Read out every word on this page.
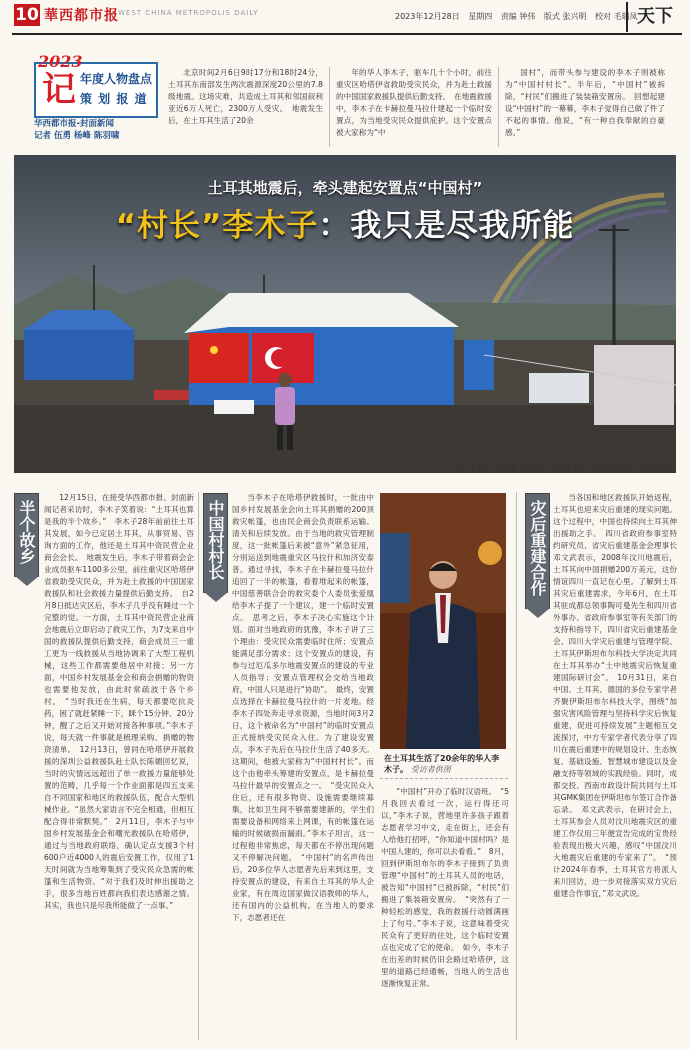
10 華西都市报 WEST CHINA METROPOLIS DAILY	2023年12月28日 星期四 责编 钟伟 版式 张兴明 校对 毛瑞凤 天下
2023
记 年度人物盘点
策 划 报 道
华西都市报-封面新闻
记者 伍勇 杨峰 陈羽啸
北京时间2月6日9时17分和18时24分，土耳其东南部发生两次震源深度20公里的7.8级地震。这场灾难，共造成土耳其和邻国叙利亚近6万人死亡，2300万人受灾。　地震发生后，在土耳其生活了20余
年的华人李木子，驱车几十个小时，前往重灾区哈塔伊省救助受灾民众，并为赴土救援的中国国家救援队提供后勤支持。　在地震救援中，李木子在卡赫拉曼马拉什建起一个临时安置点，为当地受灾民众提供庇护。这个安置点被大家称为“中
国村”，而带头参与建设的李木子则被称为“中国村村长”。半年后，“中国村”被拆除，“村民”们搬进了装装箱安置房。　回想起建设“中国村”的一幕幕，李木子觉得自己做了件了不起的事情。他说，“有一种自我奉献的自豪感。”
土耳其地震后，牵头建起安置点“中国村”
“村长”李木子：我只是尽我所能
位于土耳其卡赫拉曼马拉什的“中国村”(摄于2023年3月)。受访者供图
半个故乡	中国村村长	灾后重建合作
12月15日，在接受华西都市报、封面新闻记者采访时，李木子笑着说：“土耳其也算是我的半个故乡。”　李木子28年前前往土耳其发展，如今已定居土耳其，从事贸易、咨询方面的工作，他还是土耳其中资民营企业商会会长。　地震发生后，李木子带着商会企业成员驱车1100多公里，前往重灾区哈塔伊省救助受灾民众，并为赴土救援的中国国家救援队和社会救援力量提供后勤支持。　自2月8日抵达灾区后，李木子几乎没有睡过一个完整的觉。一方面，土耳其中资民营企业商会地震后立即启动了救灾工作，为7支来自中国的救援队提供后勤支持，商会成员三一重工更为一线救援从当地协调来了大型工程机械，这些工作都需要他居中对接；另一方面，中国乡村发展基金会和商会捐赠的物资也需要他发放，由此时常疏波于各个乡村。　“当时我还在生病，每天都要吃抗炎药，困了就赶紧睡一下，眯个15分钟、20分钟，醒了之后又开始对接各种事项。”李木子说，每天就一件事就是梳理采购、捐赠的物资清单。　12月13日，曾同在哈塔伊开展救援的深圳公益救援队赴土队长陈媚回忆说，当时的灾情远远超出了单一救援力量能够处置的范畴，几乎每一个作业面都是四五支来自不同国家和地区的救援队伍，配合大型机械作业。“虽然大家语言不完全相通，但相互配合得非常默契。”　2月11日，李木子与中国乡村发展基金会和曙光救援队在哈塔伊，通过与当地政府联络，确认定点支援3个村600户近4000人的震后安置工作，仅用了1天时间就为当地筹集到了受灾民众急需的帐篷和生活物资。“对于我们及时伸出援助之手，很多当地百姓都向我们表达感谢之情。其实，我也只是尽我所能做了一点事。”
当李木子在哈塔伊救援时，一批由中国乡村发展基金会向土耳其捐赠的200顶救灾帐篷，也由民企商会负责联系运输、清关和后续发放。由于当地的救灾管理制度，这一批帐篷后来被“意外”紧急征用，分别运送到地震重灾区马拉什和加济安泰普。通过寻找，李木子在卡赫拉曼马拉什追回了一半的帐篷，看着堆起来的帐篷，中国慈善联合会的救灾委个人委员张爱凰给李木子提了一个建议，建一个临时安置点。　思考之后，李木子决心实施这个计划。面对当地政府的犹豫，李木子讲了三个理由：受灾民众需要临时住所；安置点能满足部分需求；这个安置点的建设，有参与过厄瓜多尔地震安置点的建设的专业人员指导；安置点管理权会交给当地政府，中国人只是进行“协助”。　最终，安置点选择在卡赫拉曼马拉什的一片麦地。经李木子四处奔走寻求资源，当地时间3月2日，这个被命名为“中国村”的临时安置点正式接纳受灾民众入住。为了建设安置点，李木子先后在马拉什生活了40多天。这期间，他被大家称为“中国村村长”。而这个由他牵头筹建的安置点，是卡赫拉曼马拉什最早的安置点之一。　“受灾民众入住后，还有很多物资、设施需要继续募集，比如卫生间不够需要建新的，学生们需要设备和网络来上网课，有的帐篷在运输的时候破损而漏雨。”李木子坦言，这一过程他非常焦虑，每天都在不停出现问题又不停解决问题。　“中国村”的名声传出后，20多位华人志愿者先后来到这里，支持安置点的建设，有来自土耳其的华人企业家，有在周边国家做汉语教师的华人，还有国内的公益机构。在当地人的要求下，志愿者还在
在土耳其生活了20余年的华人李木子。 受访者供图
“中国村”开办了临时汉语班。　“5月我回去看过一次，运行得还可以，”李木子说，营地里许多孩子跟着志愿者学习中文，走在街上，还会有人给他打招呼，“你知道中国村吗？是中国人建的，你可以去看看。”　8月，回到伊斯坦布尔的李木子接到了负责管理“中国村”的土耳其人员的电话，被告知“中国村”已被拆除，“村民”们搬进了集装箱安置房。　“突然有了一种轻松的感觉，我的救援行动圆满画上了句号。”李木子说，这意味着受灾民众有了更好的住处，这个临时安置点也完成了它的使命。　如今，李木子在出差的时候仍旧会路过哈塔伊，这里的道路已经通畅，当地人的生活也逐渐恢复正常。
当各国和地区救援队开始返程，土耳其也迎来灾后重建的现实问题。这个过程中，中国也持续向土耳其伸出援助之手。　四川省政府参事室特约研究员、省灾后重建基金会理事长邓文武表示，2008年汶川地震后，土耳其向中国捐赠200万美元，这份情谊四川一直记在心里。了解到土耳其灾后重建需求，今年6月，在土耳其驻成都总领事陶可曼先生和四川省外事办、省政府参事室等有关部门的支持和指导下，四川省灾后重建基金会、四川大学灾后重建与管理学院、土耳其伊斯坦布尔科技大学决定共同在土耳其举办“土中地震灾后恢复重建国际研讨会”。　10月31日，来自中国、土耳其、德国的多位专家学者齐聚伊斯坦布尔科技大学，围绕“加强灾害风险管理与坚持科学灾后恢复重建，促进可持续发展”主题相互交流探讨，中方专家学者代表分享了四川在震后重建中的规划设计、生态恢复、基础设施、智慧城市建设以及金融支持等领域的实践经验。同时，成都交投、西南市政设计院共同与土耳其GMK集团在伊斯坦布尔签订合作备忘录。　邓文武表示，在研讨会上，土耳其参会人员对汶川地震灾区的重建工作仅用三年便宣告完成的宝贵经验表现出极大兴趣，感叹“中国汶川大地震灾后重建的专家来了”。　“预计2024年春季，土耳其官方将派人来川回访，进一步对接落实双方灾后重建合作事宜，”邓文武说。
